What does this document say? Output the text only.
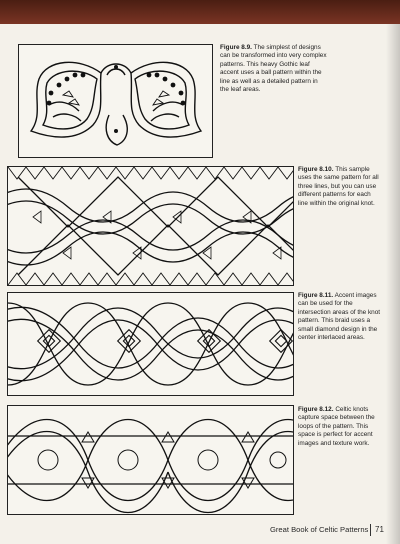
Figure 8.9. The simplest of designs can be transformed into very complex patterns. This heavy Gothic leaf accent uses a ball pattern within the line as well as a detailed pattern in the leaf areas.
Figure 8.10. This sample uses the same pattern for all three lines, but you can use different patterns for each line within the original knot.
Figure 8.11. Accent images can be used for the intersection areas of the knot pattern. This braid uses a small diamond design in the center interlaced areas.
Figure 8.12. Celtic knots capture space between the loops of the pattern. This space is perfect for accent images and texture work.
Great Book of Celtic Patterns 71
